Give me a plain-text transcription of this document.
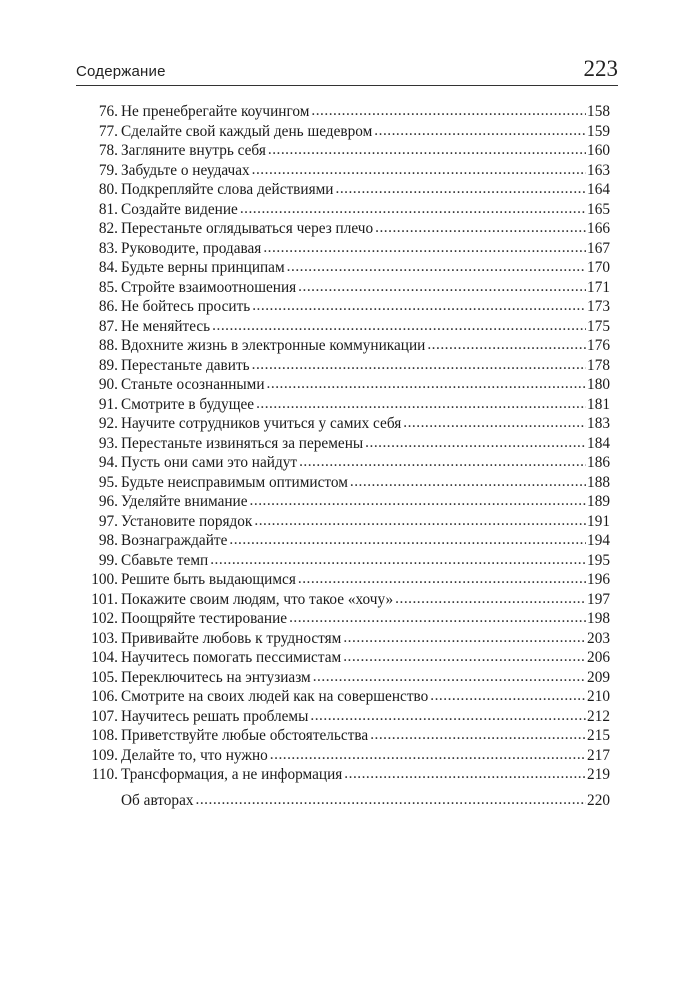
Содержание	223
76. Не пренебрегайте коучингом .....	158
77. Сделайте свой каждый день шедевром .....	159
78. Загляните внутрь себя .....	160
79. Забудьте о неудачах .....	163
80. Подкрепляйте слова действиями .....	164
81. Создайте видение .....	165
82. Перестаньте оглядываться через плечо .....	166
83. Руководите, продавая .....	167
84. Будьте верны принципам .....	170
85. Стройте взаимоотношения .....	171
86. Не бойтесь просить .....	173
87. Не меняйтесь .....	175
88. Вдохните жизнь в электронные коммуникации .....	176
89. Перестаньте давить .....	178
90. Станьте осознанными .....	180
91. Смотрите в будущее .....	181
92. Научите сотрудников учиться у самих себя .....	183
93. Перестаньте извиняться за перемены .....	184
94. Пусть они сами это найдут .....	186
95. Будьте неисправимым оптимистом .....	188
96. Уделяйте внимание .....	189
97. Установите порядок .....	191
98. Вознаграждайте .....	194
99. Сбавьте темп .....	195
100. Решите быть выдающимся .....	196
101. Покажите своим людям, что такое «хочу» .....	197
102. Поощряйте тестирование .....	198
103. Прививайте любовь к трудностям .....	203
104. Научитесь помогать пессимистам .....	206
105. Переключитесь на энтузиазм .....	209
106. Смотрите на своих людей как на совершенство .....	210
107. Научитесь решать проблемы .....	212
108. Приветствуйте любые обстоятельства .....	215
109. Делайте то, что нужно .....	217
110. Трансформация, а не информация .....	219
Об авторах .....	220
